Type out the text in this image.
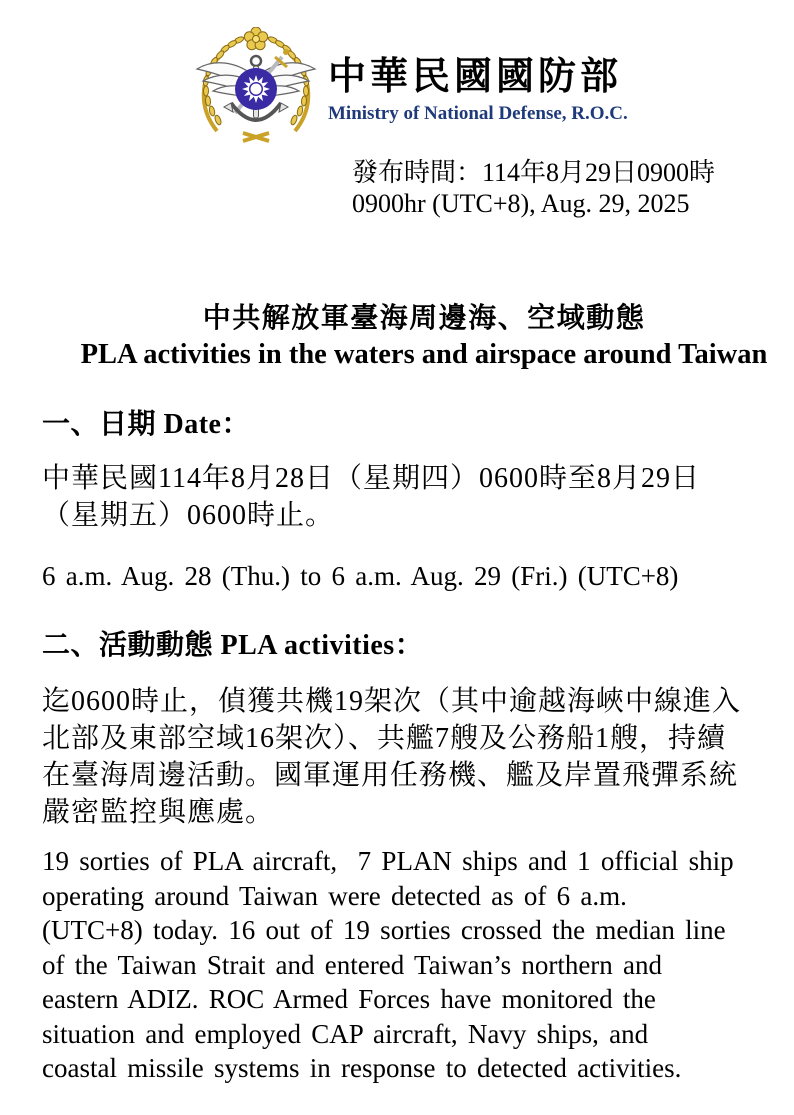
中華民國國防部
Ministry of National Defense, R.O.C.
發布時間：114年8月29日0900時
0900hr (UTC+8), Aug. 29, 2025
中共解放軍臺海周邊海、空域動態
PLA activities in the waters and airspace around Taiwan
一、日期 Date：
中華民國114年8月28日（星期四）0600時至8月29日
（星期五）0600時止。
6 a.m. Aug. 28 (Thu.) to 6 a.m. Aug. 29 (Fri.) (UTC+8)
二、活動動態 PLA activities：
迄0600時止，偵獲共機19架次（其中逾越海峽中線進入
北部及東部空域16架次）、共艦7艘及公務船1艘，持續
在臺海周邊活動。國軍運用任務機、艦及岸置飛彈系統
嚴密監控與應處。
19 sorties of PLA aircraft,  7 PLAN ships and 1 official ship
operating around Taiwan were detected as of 6 a.m.
(UTC+8) today. 16 out of 19 sorties crossed the median line
of the Taiwan Strait and entered Taiwan’s northern and
eastern ADIZ. ROC Armed Forces have monitored the
situation and employed CAP aircraft, Navy ships, and
coastal missile systems in response to detected activities.
